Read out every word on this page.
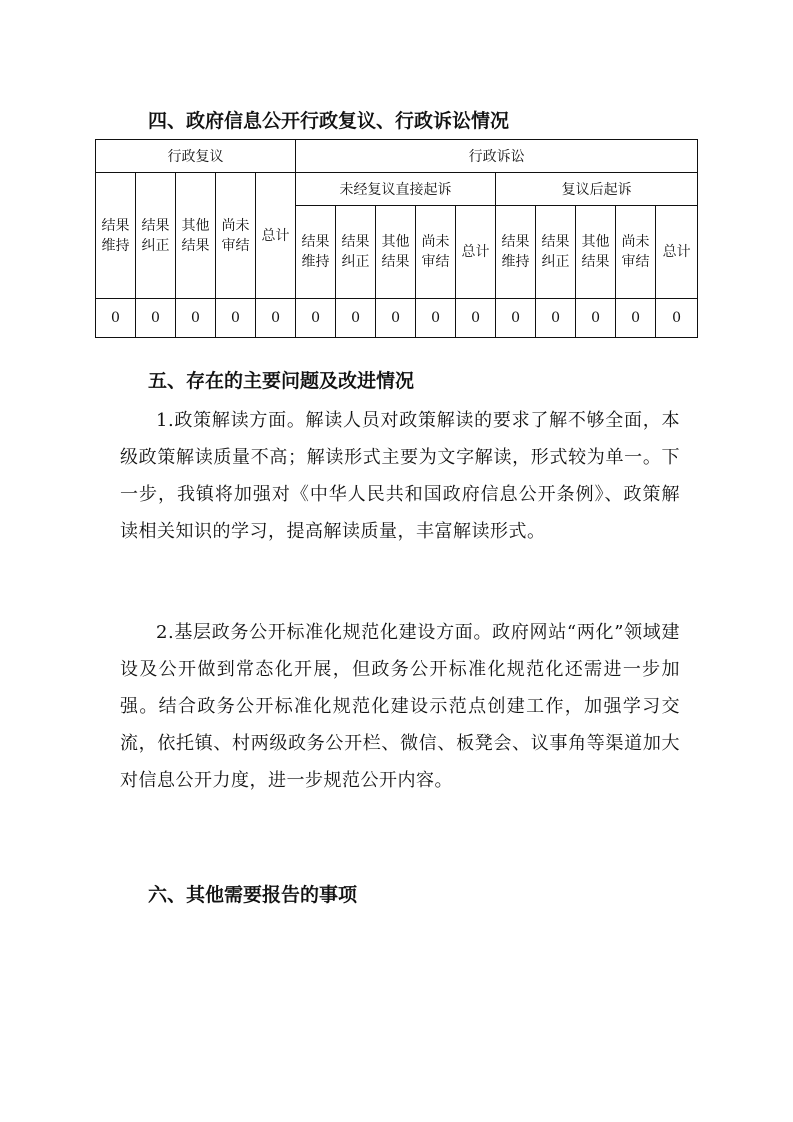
四、政府信息公开行政复议、行政诉讼情况
行政复议					行政诉讼									
结果维持	结果纠正	其他结果	尚未审结	总计	未经复议直接起诉					复议后起诉				
					结果维持	结果纠正	其他结果	尚未审结	总计	结果维持	结果纠正	其他结果	尚未审结	总计
0	0	0	0	0	0	0	0	0	0	0	0	0	0	0
五、存在的主要问题及改进情况

1.政策解读方面。解读人员对政策解读的要求了解不够全面，本级政策解读质量不高；解读形式主要为文字解读，形式较为单一。下一步，我镇将加强对《中华人民共和国政府信息公开条例》、政策解读相关知识的学习，提高解读质量，丰富解读形式。

2.基层政务公开标准化规范化建设方面。政府网站“两化”领域建设及公开做到常态化开展，但政务公开标准化规范化还需进一步加强。结合政务公开标准化规范化建设示范点创建工作，加强学习交流，依托镇、村两级政务公开栏、微信、板凳会、议事角等渠道加大对信息公开力度，进一步规范公开内容。

六、其他需要报告的事项
